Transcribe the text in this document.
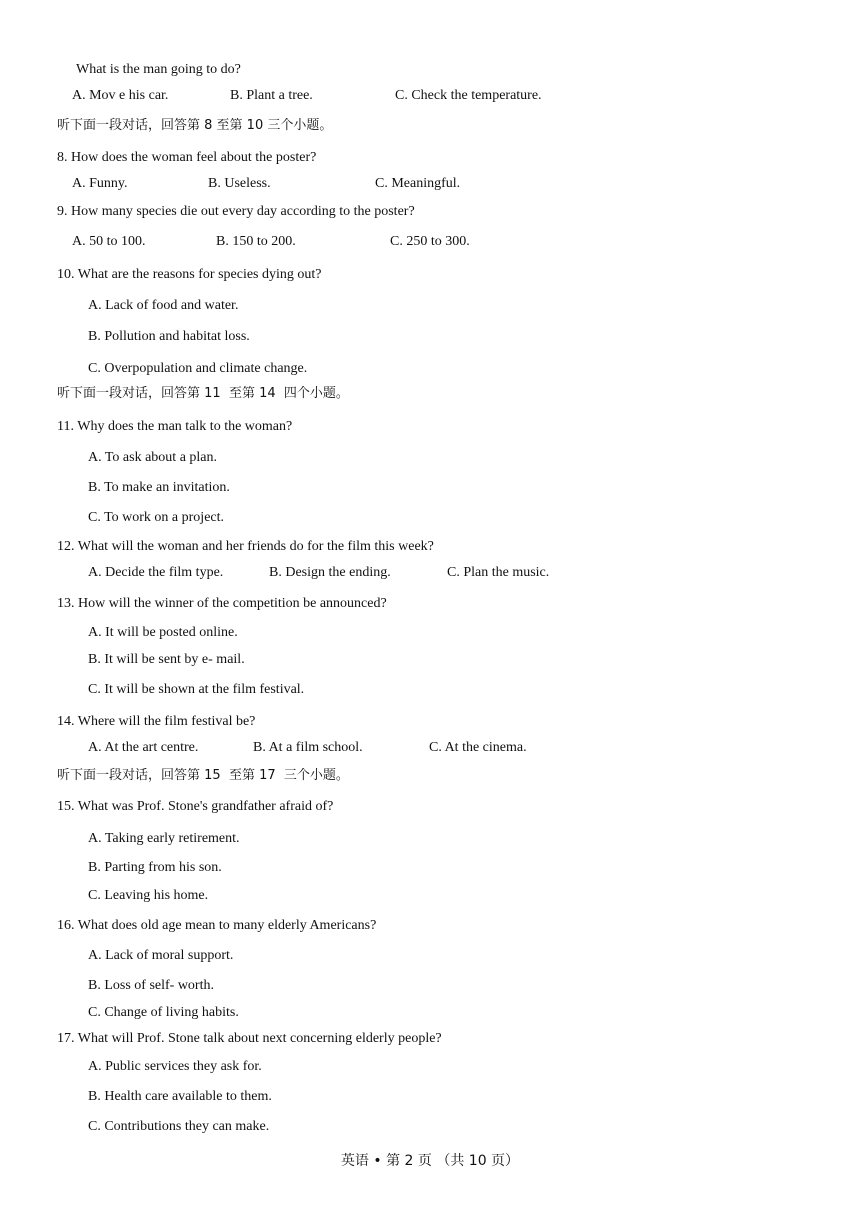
What is the man going to do?
A. Mov e his car.	B. Plant a tree.	C. Check the temperature.
听下面一段对话，回答第 8 至第 10 三个小题。
8. How does the woman feel about the poster?
A. Funny.	B. Useless.	C. Meaningful.
9. How many species die out every day according to the poster?
A. 50 to 100.	B. 150 to 200.	C. 250 to 300.
10. What are the reasons for species dying out?
A. Lack of food and water.
B. Pollution and habitat loss.
C. Overpopulation and climate change.
听下面一段对话，回答第 11  至第 14  四个小题。
11. Why does the man talk to the woman?
A. To ask about a plan.
B. To make an invitation.
C. To work on a project.
12. What will the woman and her friends do for the film this week?
A. Decide the film type.	B. Design the ending.	C. Plan the music.
13. How will the winner of the competition be announced?
A. It will be posted online.
B. It will be sent by e- mail.
C. It will be shown at the film festival.
14. Where will the film festival be?
A. At the art centre.	B. At a film school.	C. At the cinema.
听下面一段对话，回答第 15  至第 17  三个小题。
15. What was Prof. Stone's grandfather afraid of?
A. Taking early retirement.
B. Parting from his son.
C. Leaving his home.
16. What does old age mean to many elderly Americans?
A. Lack of moral support.
B. Loss of self- worth.
C. Change of living habits.
17. What will Prof. Stone talk about next concerning elderly people?
A. Public services they ask for.
B. Health care available to them.
C. Contributions they can make.
英语 • 第 2 页 （共 10 页）
